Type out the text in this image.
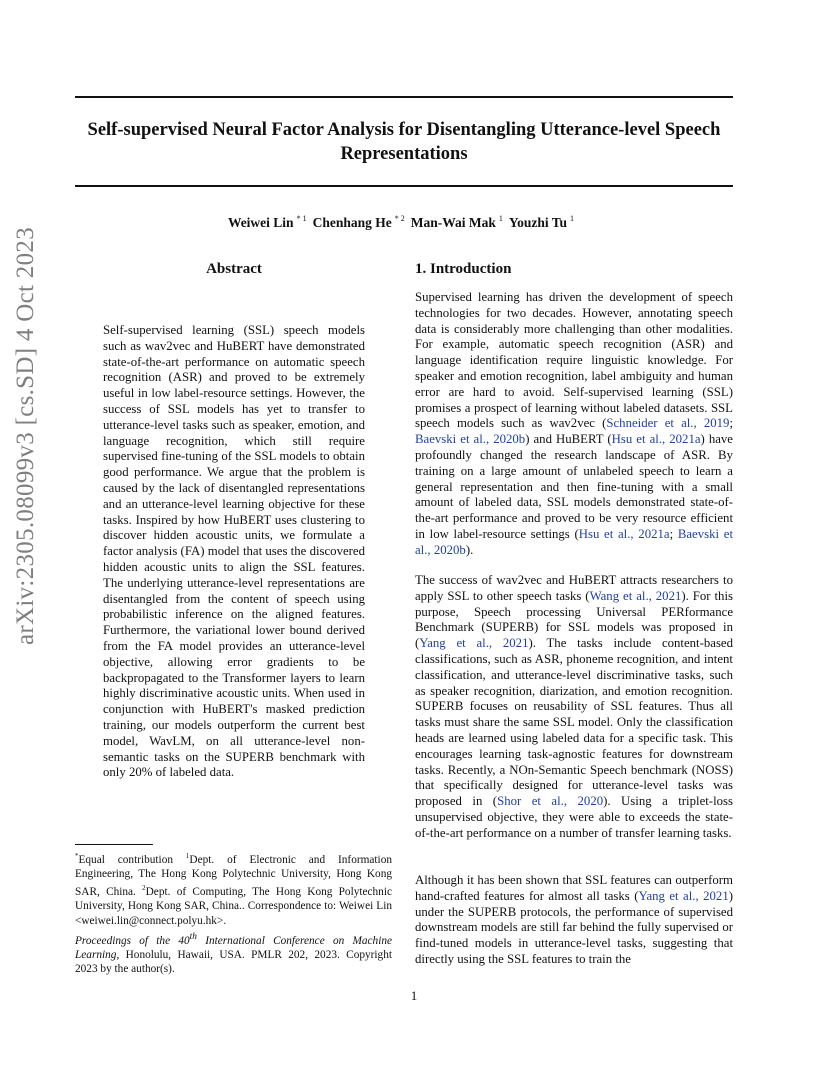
arXiv:2305.08099v3 [cs.SD] 4 Oct 2023
Self-supervised Neural Factor Analysis for Disentangling Utterance-level Speech Representations
Weiwei Lin $^{* 1}$ Chenhang He $^{* 2}$ Man-Wai Mak $^1$ Youzhi Tu $^1$
Abstract
Self-supervised learning (SSL) speech models such as wav2vec and HuBERT have demonstrated state-of-the-art performance on automatic speech recognition (ASR) and proved to be extremely useful in low label-resource settings. However, the success of SSL models has yet to transfer to utterance-level tasks such as speaker, emotion, and language recognition, which still require supervised fine-tuning of the SSL models to obtain good performance. We argue that the problem is caused by the lack of disentangled representations and an utterance-level learning objective for these tasks. Inspired by how HuBERT uses clustering to discover hidden acoustic units, we formulate a factor analysis (FA) model that uses the discovered hidden acoustic units to align the SSL features. The underlying utterance-level representations are disentangled from the content of speech using probabilistic inference on the aligned features. Furthermore, the variational lower bound derived from the FA model provides an utterance-level objective, allowing error gradients to be backpropagated to the Transformer layers to learn highly discriminative acoustic units. When used in conjunction with HuBERT's masked prediction training, our models outperform the current best model, WavLM, on all utterance-level non-semantic tasks on the SUPERB benchmark with only 20% of labeled data.
1. Introduction
Supervised learning has driven the development of speech technologies for two decades. However, annotating speech data is considerably more challenging than other modalities. For example, automatic speech recognition (ASR) and language identification require linguistic knowledge. For speaker and emotion recognition, label ambiguity and human error are hard to avoid. Self-supervised learning (SSL) promises a prospect of learning without labeled datasets. SSL speech models such as wav2vec (Schneider et al., 2019; Baevski et al., 2020b) and HuBERT (Hsu et al., 2021a) have profoundly changed the research landscape of ASR. By training on a large amount of unlabeled speech to learn a general representation and then fine-tuning with a small amount of labeled data, SSL models demonstrated state-of-the-art performance and proved to be very resource efficient in low label-resource settings (Hsu et al., 2021a; Baevski et al., 2020b).
The success of wav2vec and HuBERT attracts researchers to apply SSL to other speech tasks (Wang et al., 2021). For this purpose, Speech processing Universal PERformance Benchmark (SUPERB) for SSL models was proposed in (Yang et al., 2021). The tasks include content-based classifications, such as ASR, phoneme recognition, and intent classification, and utterance-level discriminative tasks, such as speaker recognition, diarization, and emotion recognition. SUPERB focuses on reusability of SSL features. Thus all tasks must share the same SSL model. Only the classification heads are learned using labeled data for a specific task. This encourages learning task-agnostic features for downstream tasks. Recently, a NOn-Semantic Speech benchmark (NOSS) that specifically designed for utterance-level tasks was proposed in (Shor et al., 2020). Using a triplet-loss unsupervised objective, they were able to exceeds the state-of-the-art performance on a number of transfer learning tasks.
Although it has been shown that SSL features can outperform hand-crafted features for almost all tasks (Yang et al., 2021) under the SUPERB protocols, the performance of supervised downstream models are still far behind the fully supervised or find-tuned models in utterance-level tasks, suggesting that directly using the SSL features to train the
*Equal contribution $^1$Dept. of Electronic and Information Engineering, The Hong Kong Polytechnic University, Hong Kong SAR, China. $^2$Dept. of Computing, The Hong Kong Polytechnic University, Hong Kong SAR, China.. Correspondence to: Weiwei Lin <weiwei.lin@connect.polyu.hk>.
Proceedings of the 40th International Conference on Machine Learning, Honolulu, Hawaii, USA. PMLR 202, 2023. Copyright 2023 by the author(s).
1
